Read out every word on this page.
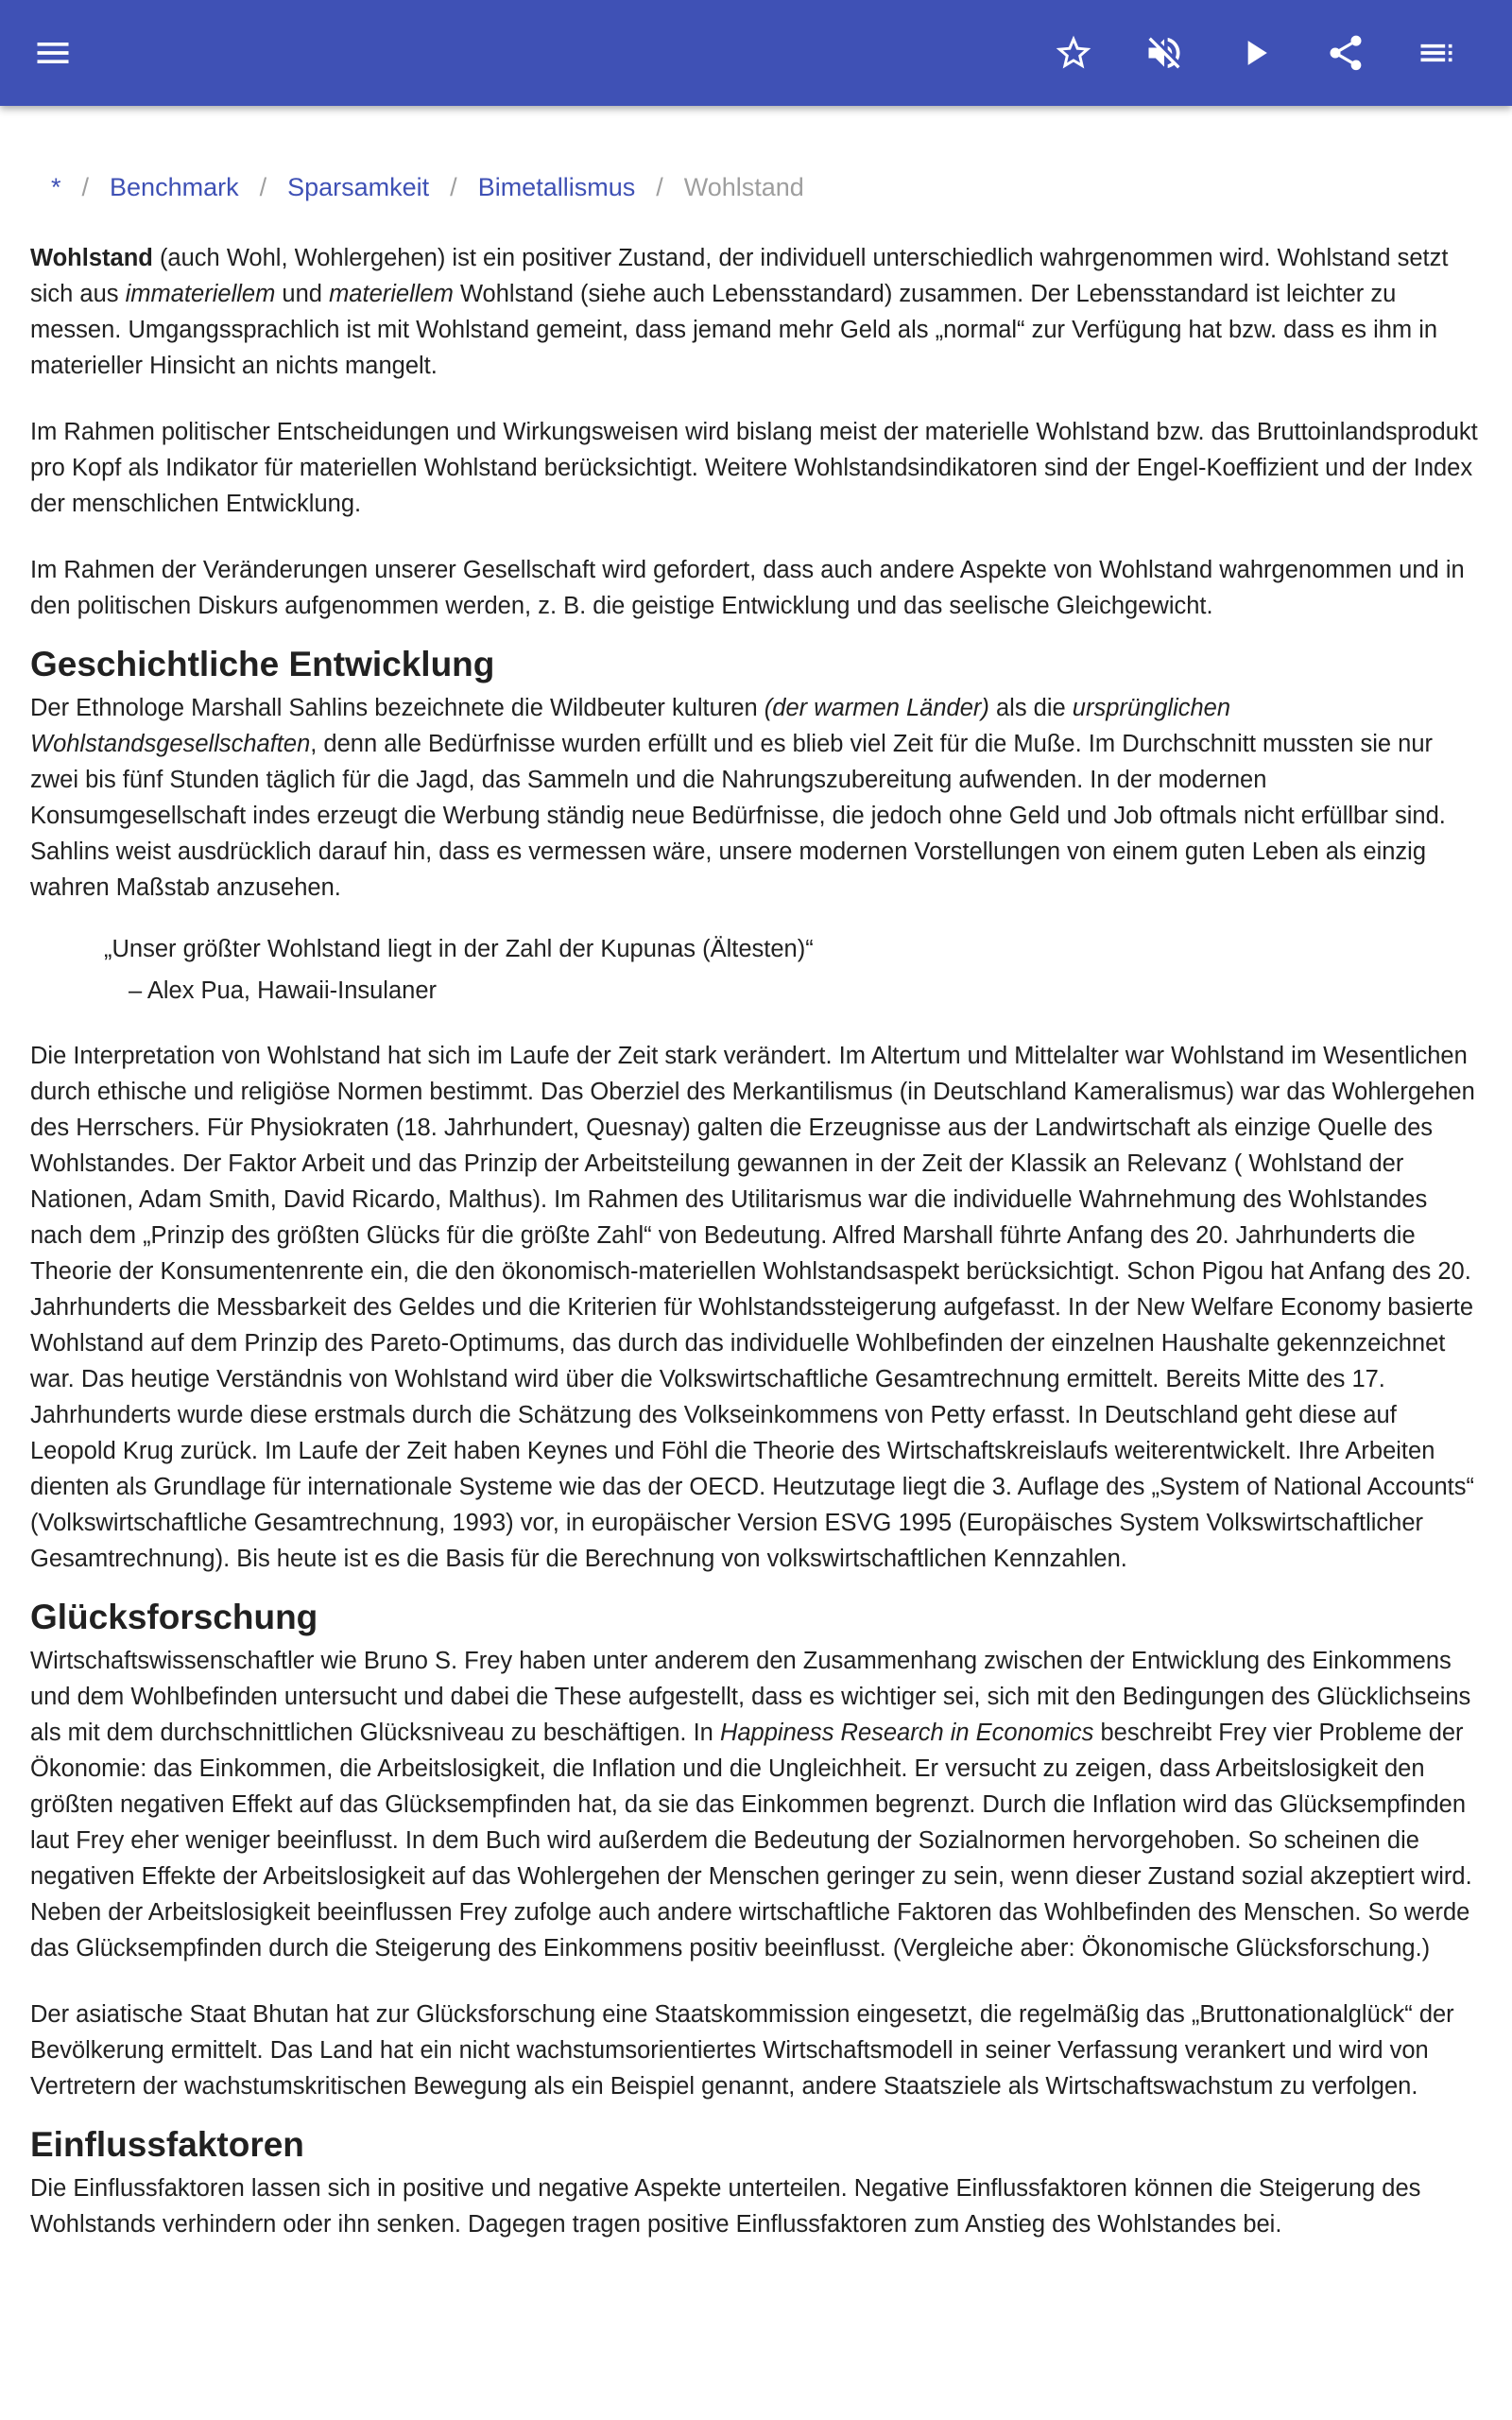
* / Benchmark / Sparsamkeit / Bimetallismus / Wohlstand

Wohlstand (auch Wohl, Wohlergehen) ist ein positiver Zustand, der individuell unterschiedlich wahrgenommen wird. Wohlstand setzt sich aus immateriellem und materiellem Wohlstand (siehe auch Lebensstandard) zusammen. Der Lebensstandard ist leichter zu messen. Umgangssprachlich ist mit Wohlstand gemeint, dass jemand mehr Geld als „normal“ zur Verfügung hat bzw. dass es ihm in materieller Hinsicht an nichts mangelt.

Im Rahmen politischer Entscheidungen und Wirkungsweisen wird bislang meist der materielle Wohlstand bzw. das Bruttoinlandsprodukt pro Kopf als Indikator für materiellen Wohlstand berücksichtigt. Weitere Wohlstandsindikatoren sind der Engel-Koeffizient und der Index der menschlichen Entwicklung.

Im Rahmen der Veränderungen unserer Gesellschaft wird gefordert, dass auch andere Aspekte von Wohlstand wahrgenommen und in den politischen Diskurs aufgenommen werden, z. B. die geistige Entwicklung und das seelische Gleichgewicht.

Geschichtliche Entwicklung

Der Ethnologe Marshall Sahlins bezeichnete die Wildbeuter kulturen (der warmen Länder) als die ursprünglichen Wohlstandsgesellschaften, denn alle Bedürfnisse wurden erfüllt und es blieb viel Zeit für die Muße. Im Durchschnitt mussten sie nur zwei bis fünf Stunden täglich für die Jagd, das Sammeln und die Nahrungszubereitung aufwenden. In der modernen Konsumgesellschaft indes erzeugt die Werbung ständig neue Bedürfnisse, die jedoch ohne Geld und Job oftmals nicht erfüllbar sind. Sahlins weist ausdrücklich darauf hin, dass es vermessen wäre, unsere modernen Vorstellungen von einem guten Leben als einzig wahren Maßstab anzusehen.

„Unser größter Wohlstand liegt in der Zahl der Kupunas (Ältesten)“
– Alex Pua, Hawaii-Insulaner

Die Interpretation von Wohlstand hat sich im Laufe der Zeit stark verändert. Im Altertum und Mittelalter war Wohlstand im Wesentlichen durch ethische und religiöse Normen bestimmt. Das Oberziel des Merkantilismus (in Deutschland Kameralismus) war das Wohlergehen des Herrschers. Für Physiokraten (18. Jahrhundert, Quesnay) galten die Erzeugnisse aus der Landwirtschaft als einzige Quelle des Wohlstandes. Der Faktor Arbeit und das Prinzip der Arbeitsteilung gewannen in der Zeit der Klassik an Relevanz ( Wohlstand der Nationen, Adam Smith, David Ricardo, Malthus). Im Rahmen des Utilitarismus war die individuelle Wahrnehmung des Wohlstandes nach dem „Prinzip des größten Glücks für die größte Zahl“ von Bedeutung. Alfred Marshall führte Anfang des 20. Jahrhunderts die Theorie der Konsumentenrente ein, die den ökonomisch-materiellen Wohlstandsaspekt berücksichtigt. Schon Pigou hat Anfang des 20. Jahrhunderts die Messbarkeit des Geldes und die Kriterien für Wohlstandssteigerung aufgefasst. In der New Welfare Economy basierte Wohlstand auf dem Prinzip des Pareto-Optimums, das durch das individuelle Wohlbefinden der einzelnen Haushalte gekennzeichnet war. Das heutige Verständnis von Wohlstand wird über die Volkswirtschaftliche Gesamtrechnung ermittelt. Bereits Mitte des 17. Jahrhunderts wurde diese erstmals durch die Schätzung des Volkseinkommens von Petty erfasst. In Deutschland geht diese auf Leopold Krug zurück. Im Laufe der Zeit haben Keynes und Föhl die Theorie des Wirtschaftskreislaufs weiterentwickelt. Ihre Arbeiten dienten als Grundlage für internationale Systeme wie das der OECD. Heutzutage liegt die 3. Auflage des „System of National Accounts“ (Volkswirtschaftliche Gesamtrechnung, 1993) vor, in europäischer Version ESVG 1995 (Europäisches System Volkswirtschaftlicher Gesamtrechnung). Bis heute ist es die Basis für die Berechnung von volkswirtschaftlichen Kennzahlen.

Glücksforschung

Wirtschaftswissenschaftler wie Bruno S. Frey haben unter anderem den Zusammenhang zwischen der Entwicklung des Einkommens und dem Wohlbefinden untersucht und dabei die These aufgestellt, dass es wichtiger sei, sich mit den Bedingungen des Glücklichseins als mit dem durchschnittlichen Glücksniveau zu beschäftigen. In Happiness Research in Economics beschreibt Frey vier Probleme der Ökonomie: das Einkommen, die Arbeitslosigkeit, die Inflation und die Ungleichheit. Er versucht zu zeigen, dass Arbeitslosigkeit den größten negativen Effekt auf das Glücksempfinden hat, da sie das Einkommen begrenzt. Durch die Inflation wird das Glücksempfinden laut Frey eher weniger beeinflusst. In dem Buch wird außerdem die Bedeutung der Sozialnormen hervorgehoben. So scheinen die negativen Effekte der Arbeitslosigkeit auf das Wohlergehen der Menschen geringer zu sein, wenn dieser Zustand sozial akzeptiert wird. Neben der Arbeitslosigkeit beeinflussen Frey zufolge auch andere wirtschaftliche Faktoren das Wohlbefinden des Menschen. So werde das Glücksempfinden durch die Steigerung des Einkommens positiv beeinflusst. (Vergleiche aber: Ökonomische Glücksforschung.)

Der asiatische Staat Bhutan hat zur Glücksforschung eine Staatskommission eingesetzt, die regelmäßig das „Bruttonationalglück“ der Bevölkerung ermittelt. Das Land hat ein nicht wachstumsorientiertes Wirtschaftsmodell in seiner Verfassung verankert und wird von Vertretern der wachstumskritischen Bewegung als ein Beispiel genannt, andere Staatsziele als Wirtschaftswachstum zu verfolgen.

Einflussfaktoren

Die Einflussfaktoren lassen sich in positive und negative Aspekte unterteilen. Negative Einflussfaktoren können die Steigerung des Wohlstands verhindern oder ihn senken. Dagegen tragen positive Einflussfaktoren zum Anstieg des Wohlstandes bei.
